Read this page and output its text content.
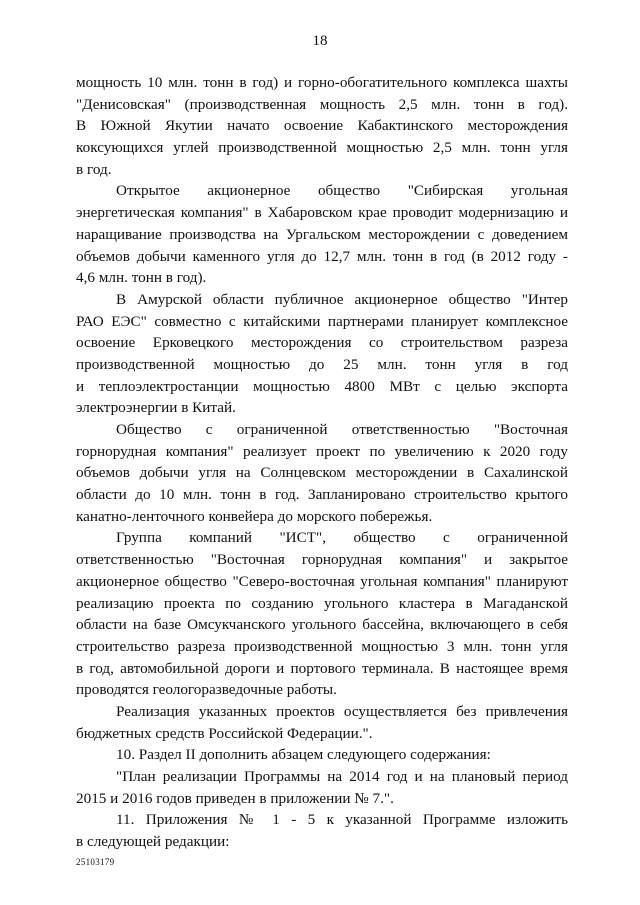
18
мощность 10 млн. тонн в год) и горно-обогатительного комплекса шахты
"Денисовская" (производственная мощность 2,5 млн. тонн в год).
В Южной Якутии начато освоение Кабактинского месторождения
коксующихся углей производственной мощностью 2,5 млн. тонн угля
в год.
Открытое акционерное общество "Сибирская угольная
энергетическая компания" в Хабаровском крае проводит модернизацию и
наращивание производства на Ургальском месторождении с доведением
объемов добычи каменного угля до 12,7 млн. тонн в год (в 2012 году -
4,6 млн. тонн в год).
В Амурской области публичное акционерное общество "Интер
РАО ЕЭС" совместно с китайскими партнерами планирует комплексное
освоение Ерковецкого месторождения со строительством разреза
производственной мощностью до 25 млн. тонн угля в год
и теплоэлектростанции мощностью 4800 МВт с целью экспорта
электроэнергии в Китай.
Общество с ограниченной ответственностью "Восточная
горнорудная компания" реализует проект по увеличению к 2020 году
объемов добычи угля на Солнцевском месторождении в Сахалинской
области до 10 млн. тонн в год. Запланировано строительство крытого
канатно-ленточного конвейера до морского побережья.
Группа компаний "ИСТ", общество с ограниченной
ответственностью "Восточная горнорудная компания" и закрытое
акционерное общество "Северо-восточная угольная компания" планируют
реализацию проекта по созданию угольного кластера в Магаданской
области на базе Омсукчанского угольного бассейна, включающего в себя
строительство разреза производственной мощностью 3 млн. тонн угля
в год, автомобильной дороги и портового терминала. В настоящее время
проводятся геологоразведочные работы.
Реализация указанных проектов осуществляется без привлечения
бюджетных средств Российской Федерации.".
10. Раздел II дополнить абзацем следующего содержания:
"План реализации Программы на 2014 год и на плановый период
2015 и 2016 годов приведен в приложении № 7.".
11. Приложения № 1 - 5 к указанной Программе изложить
в следующей редакции:
25103179
